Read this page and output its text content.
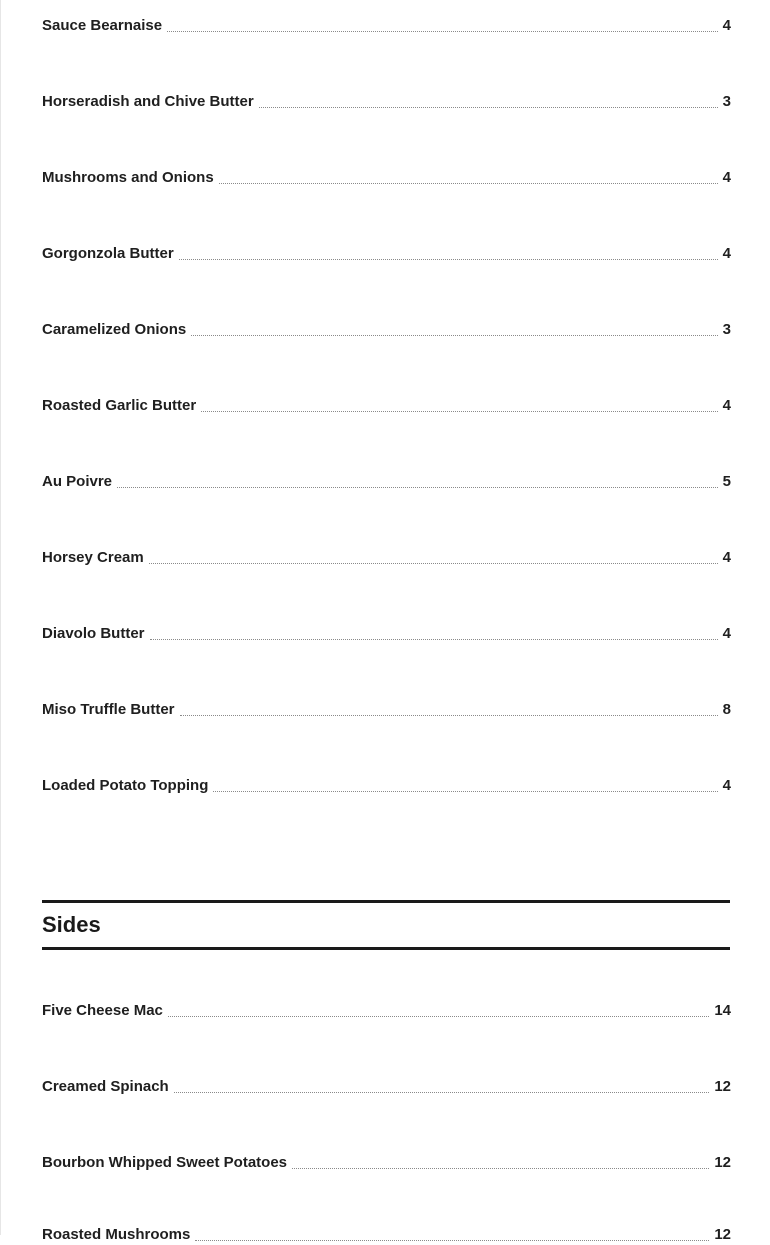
Sauce Bearnaise	4
Horseradish and Chive Butter	3
Mushrooms and Onions	4
Gorgonzola Butter	4
Caramelized Onions	3
Roasted Garlic Butter	4
Au Poivre	5
Horsey Cream	4
Diavolo Butter	4
Miso Truffle Butter	8
Loaded Potato Topping	4
Sides
Five Cheese Mac	14
Creamed Spinach	12
Bourbon Whipped Sweet Potatoes	12
Roasted Mushrooms	12
